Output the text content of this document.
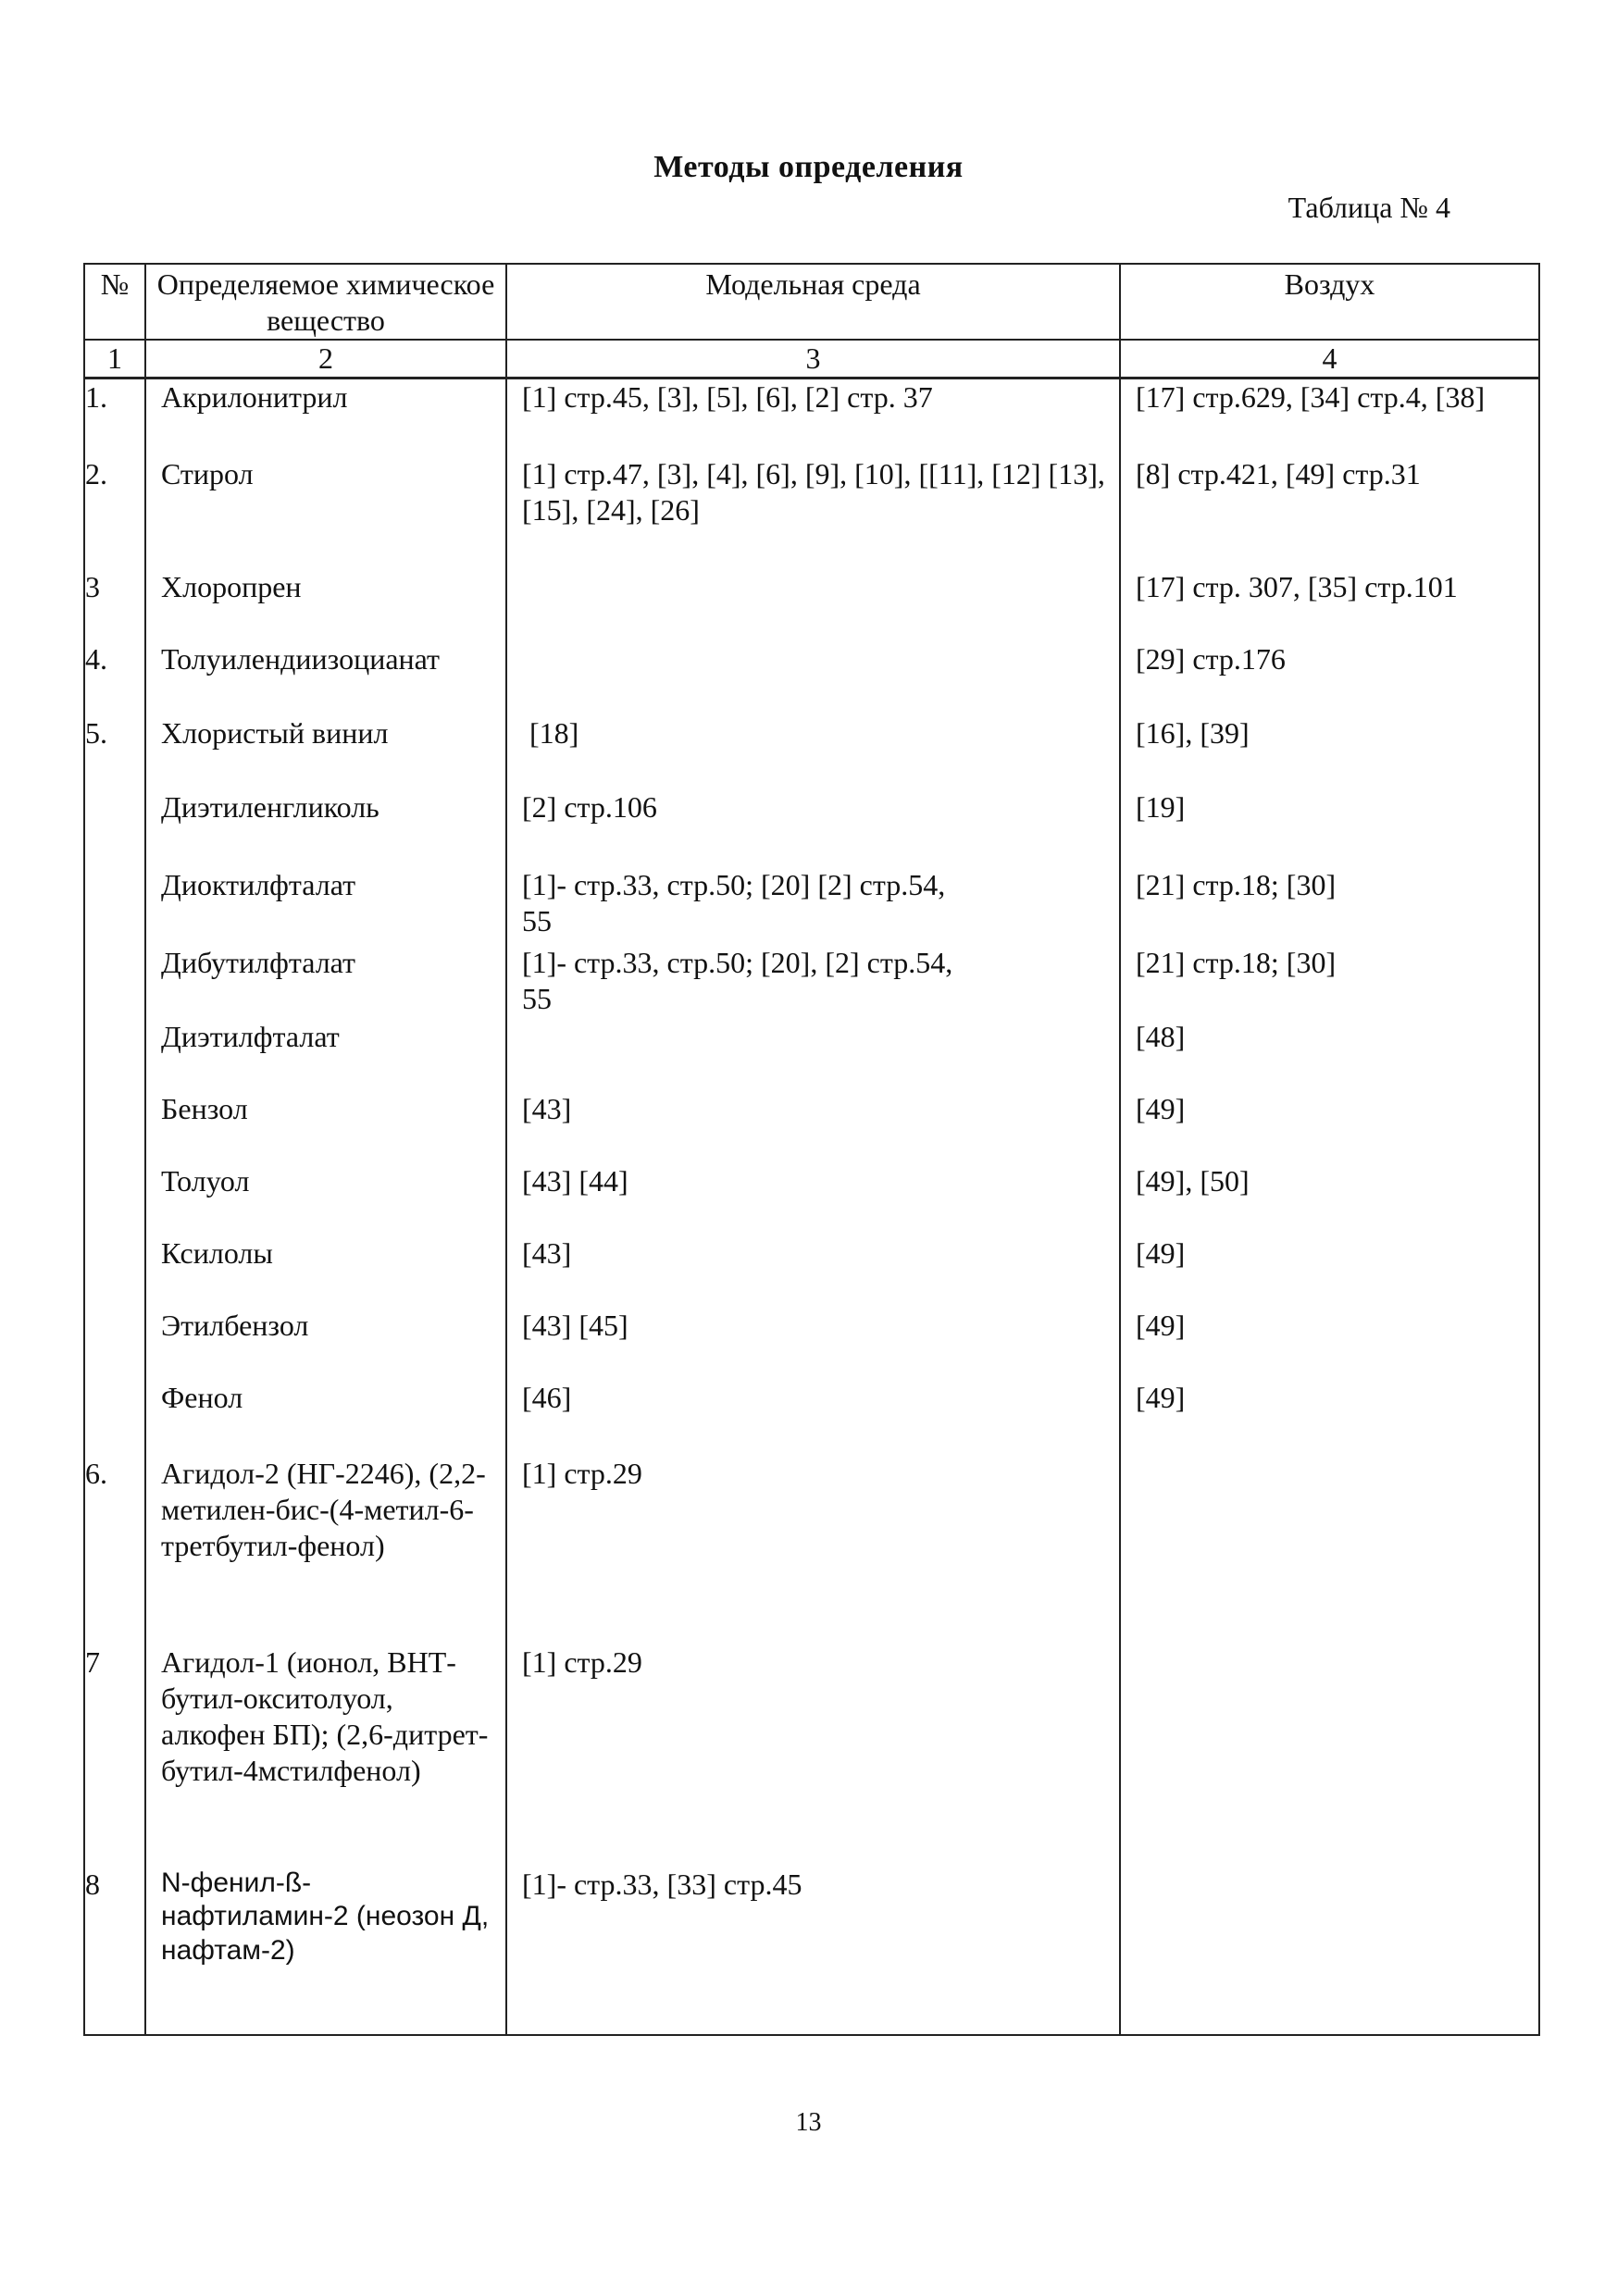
Методы определения
Таблица № 4
№	Определяемое химическое вещество	Модельная среда	Воздух
1	2	3	4
1.	Акрилонитрил	[1] стр.45, [3], [5], [6], [2] стр. 37	[17] стр.629, [34] стр.4, [38]
2.	Стирол	[1] стр.47, [3], [4], [6], [9], [10], [[11], [12] [13], [15], [24], [26]	[8] стр.421, [49] стр.31
3	Хлоропрен		[17] стр. 307, [35] стр.101
4.	Толуилендиизоцианат		[29] стр.176
5.	Хлористый винил	[18]	[16], [39]
	Диэтиленгликоль	[2] стр.106	[19]
	Диоктилфталат	[1]- стр.33, стр.50; [20] [2] стр.54, 55	[21] стр.18; [30]
	Дибутилфталат	[1]- стр.33, стр.50; [20], [2] стр.54, 55	[21] стр.18; [30]
	Диэтилфталат		[48]
	Бензол	[43]	[49]
	Толуол	[43] [44]	[49], [50]
	Ксилолы	[43]	[49]
	Этилбензол	[43] [45]	[49]
	Фенол	[46]	[49]
6.	Агидол-2 (НГ-2246), (2,2-метилен-бис-(4-метил-6-третбутил-фенол)	[1] стр.29	
7	Агидол-1 (ионол, ВНТ-бутил-окситолуол, алкофен БП); (2,6-дитрет-бутил-4мстилфенол)	[1] стр.29	
8	N-фенил-ß-нафтиламин-2 (неозон Д, нафтам-2)	[1]- стр.33, [33] стр.45	
13
